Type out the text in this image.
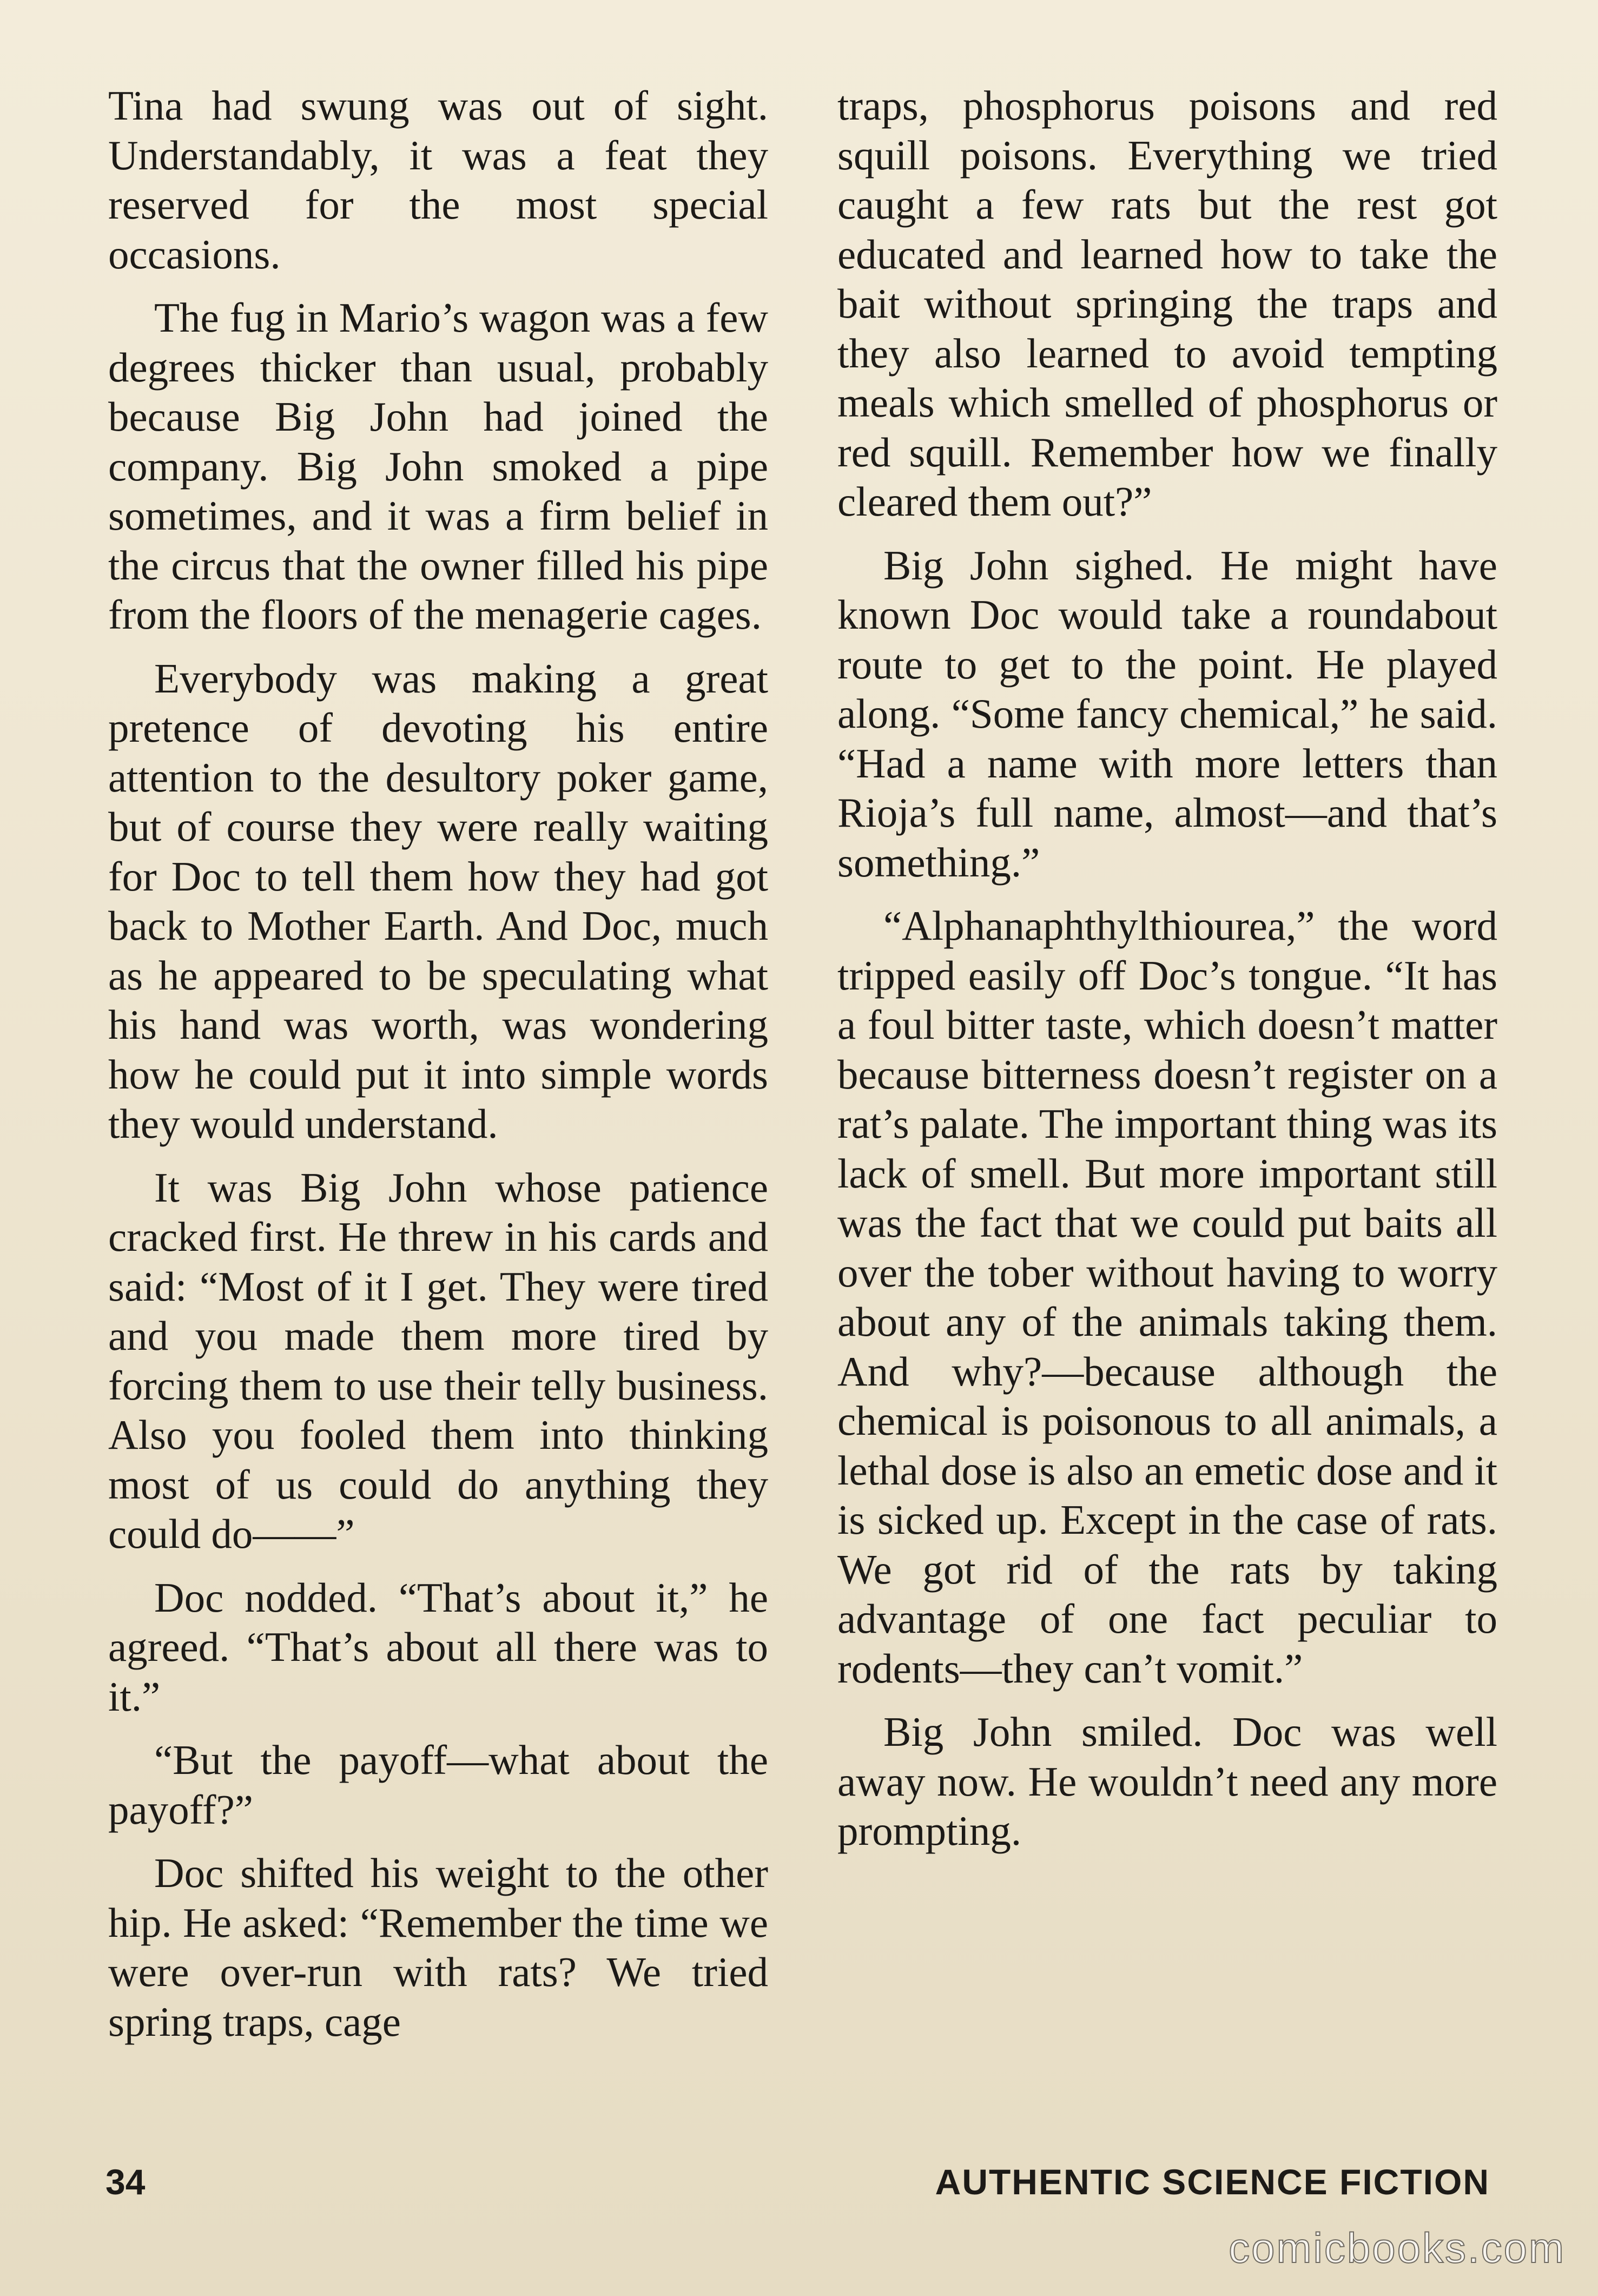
Tina had swung was out of sight. Understandably, it was a feat they reserved for the most special occasions.

The fug in Mario’s wagon was a few degrees thicker than usual, probably because Big John had joined the company. Big John smoked a pipe sometimes, and it was a firm belief in the circus that the owner filled his pipe from the floors of the menagerie cages.

Everybody was making a great pretence of devoting his entire attention to the desultory poker game, but of course they were really waiting for Doc to tell them how they had got back to Mother Earth. And Doc, much as he appeared to be speculating what his hand was worth, was wondering how he could put it into simple words they would understand.

It was Big John whose patience cracked first. He threw in his cards and said: “Most of it I get. They were tired and you made them more tired by forcing them to use their telly business. Also you fooled them into thinking most of us could do anything they could do——”

Doc nodded. “That’s about it,” he agreed. “That’s about all there was to it.”

“But the payoff—what about the payoff?”

Doc shifted his weight to the other hip. He asked: “Remember the time we were over-run with rats? We tried spring traps, cage

traps, phosphorus poisons and red squill poisons. Everything we tried caught a few rats but the rest got educated and learned how to take the bait without springing the traps and they also learned to avoid tempting meals which smelled of phosphorus or red squill. Remember how we finally cleared them out?”

Big John sighed. He might have known Doc would take a roundabout route to get to the point. He played along. “Some fancy chemical,” he said. “Had a name with more letters than Rioja’s full name, almost—and that’s something.”

“Alphanaphthylthiourea,” the word tripped easily off Doc’s tongue. “It has a foul bitter taste, which doesn’t matter because bitterness doesn’t register on a rat’s palate. The important thing was its lack of smell. But more important still was the fact that we could put baits all over the tober without having to worry about any of the animals taking them. And why?—because although the chemical is poisonous to all animals, a lethal dose is also an emetic dose and it is sicked up. Except in the case of rats. We got rid of the rats by taking advantage of one fact peculiar to rodents—they can’t vomit.”

Big John smiled. Doc was well away now. He wouldn’t need any more prompting.

34	AUTHENTIC SCIENCE FICTION
comicbooks.com
